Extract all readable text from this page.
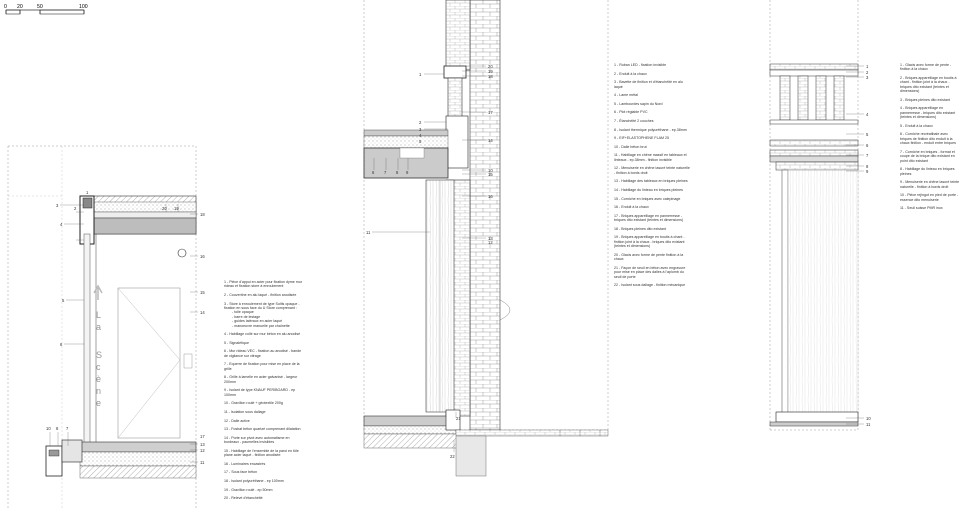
0 20	50	100
L
a
S
c
è
n
e
2	20 19
3
18
4
16
15
5
14
6
13
12
17
11
10 8 7
1
20
19
18
1
17
2
3
4
5
6 7 8 9	10
15
16
14
13
11
12
21
22
1
2
3
4
5
6
7
8
9
10
11
1 - Pièce d'appui en acier pour fixation dyme mur rideau et fixation store à enroulement
2 - Couvertine en alu laqué - finition anodisée
3 - Store à enroulement de type Soltis opaque - fixation en sous face du U Store comprenant :
- toile opaque
- barre de lestage
- guides latéraux en acier laqué
- manoeuvre manuelle par chaînette
4 - Habillage collé sur mur béton en alu anodisé
5 - Signalétique
6 - Mur rideau VEC - fixation au anodisé - bande de vigilance sur vitrage
7 - Equerre de fixation pour mise en place de la grille
8 - Grille à lamelle en acier galvanisé - largeur 200mm
9 - Isolant de type KNAUF PERIBOARD - ep 100mm
10 - Gravillon roulé + géotextile 200g
11 - Isolation sous dallage
12 - Dalle active
13 - Fosbat béton quartzé comprenant dilatation
14 - Porte sur pivot avec automatisme en bordeaux - paumelles invisibles
15 - Habillage de l'ensemble de la paroi en tôle plane acier laqué - finition anodisée
16 - Luminaires encastrés
17 - Sous face béton
18 - Isolant polyuréthane - ep 100mm
19 - Gravillon roulé - ep 50mm
20 - Relevé d'étanchéité
1 - Ruban LED - fixation invisible
2 - Enduit à la chaux
3 - Bavette de finition et d'étanchéité en alu laqué
4 - Lame métal
5 - Lambourdes sapin du Nord
6 - Plot réglable PVC
7 - Étanchéité 2 couches
8 - Isolant thermique polyuréthane - ep.38mm
9 - EIF+ELASTOPHENE FLAM 25
10 - Dalle béton brut
11 - Habillage en chêne massif en tableaux et linteaux - ep.38mm - finition invisible
12 - Menuiserie en chêne lasuré teinte naturelle - finition à bords droit
13 - Habillage des tableaux en briques pleines
14 - Habillage du linteau en briques pleines
15 - Corniche en briques avec calepinage
16 - Enduit à la chaux
17 - Briques appareillage en pannerresse - briques dito existant (teintes et dimensions)
18 - Briques pleines dito existant
19 - Briques appareillage en boutis à chant - finition joint à la chaux - briques dito existant (teintes et dimensions)
20 - Glacis avec forme de pente finition à la chaux
21 - Façon de seuil en béton avec engravure pour mise en place des dalles à l'aplomb du seuil de porte
22 - Isolant sous dallage - finition mécanique
1 - Glacis avec forme de pente - finition à la chaux
2 - Briques appareillage en boutis à chant - finition joint à la chaux - briques dito existant (teintes et dimensions)
3 - Briques pleines dito existant
4 - Briques appareillage en pannerresse - briques dito existant (teintes et dimensions)
5 - Enduit à la chaux
6 - Corniche recréatibale avec briques de finition dito enduit à la chaux finition - enduit entre briques
7 - Corniche en briques - format et coupe de la brique dito existant en point dito existant
8 - Habillage du linteau en briques pleines
9 - Menuiserie en chêne lasuré teinte naturelle - finition à bords droit
10 - Pièce rejingot en pied de porte - essence dito menuiserie
11 - Seuil suisse PMR inox
